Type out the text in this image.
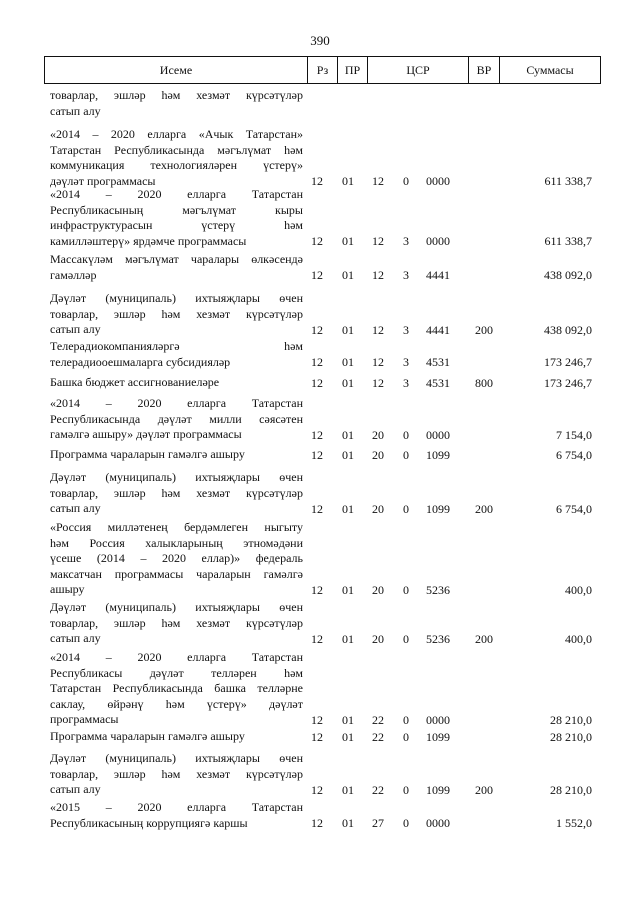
390
Исеме	Рз	ПР	ЦСР	ВР	Суммасы
товарлар, эшләр һәм хезмәт күрсәтүләр
сатып алу
«2014 – 2020 елларга «Ачык Татарстан»
Татарстан Республикасында мәгълүмат һәм
коммуникация технологияләрен үстерү»
дәүләт программасы	12 01 12 0	0000	611 338,7
«2014 – 2020 елларга Татарстан
Республикасының мәгълүмат кыры
инфраструктурасын үстерү һәм
камилләштерү» ярдәмче программасы	12 01 12 3	0000	611 338,7
Массакүләм мәгълүмат чаралары өлкәсендә
гамәлләр	12 01 12 3	4441	438 092,0
Дәүләт (муниципаль) ихтыяҗлары өчен
товарлар, эшләр һәм хезмәт күрсәтүләр
сатып алу	12 01 12 3	4441	200	438 092,0
Телерадиокомпанияләргә һәм
телерадиооешмаларга субсидияләр	12 01 12 3	4531	173 246,7
Башка бюджет ассигнованиеләре	12 01 12 3	4531	800	173 246,7
«2014 – 2020 елларга Татарстан
Республикасында дәүләт милли сәясәтен
гамәлгә ашыру» дәүләт программасы	12 01 20 0	0000	7 154,0
Программа чараларын гамәлгә ашыру	12 01 20 0	1099	6 754,0
Дәүләт (муниципаль) ихтыяҗлары өчен
товарлар, эшләр һәм хезмәт күрсәтүләр
сатып алу	12 01 20 0	1099	200	6 754,0
«Россия милләтенең бердәмлеген ныгыту
һәм Россия халыкларының этномәдәни
үсеше (2014 – 2020 еллар)» федераль
максатчан программасы чараларын гамәлгә
ашыру	12 01 20 0	5236	400,0
Дәүләт (муниципаль) ихтыяҗлары өчен
товарлар, эшләр һәм хезмәт күрсәтүләр
сатып алу	12 01 20 0	5236	200	400,0
«2014 – 2020 елларга Татарстан
Республикасы дәүләт телләрен һәм
Татарстан Республикасында башка телләрне
саклау, өйрәнү һәм үстерү» дәүләт
программасы	12 01 22 0	0000	28 210,0
Программа чараларын гамәлгә ашыру	12 01 22 0	1099	28 210,0
Дәүләт (муниципаль) ихтыяҗлары өчен
товарлар, эшләр һәм хезмәт күрсәтүләр
сатып алу	12 01 22 0	1099	200	28 210,0
«2015 – 2020 елларга Татарстан
Республикасының коррупциягә каршы	12 01 27 0	0000	1 552,0
